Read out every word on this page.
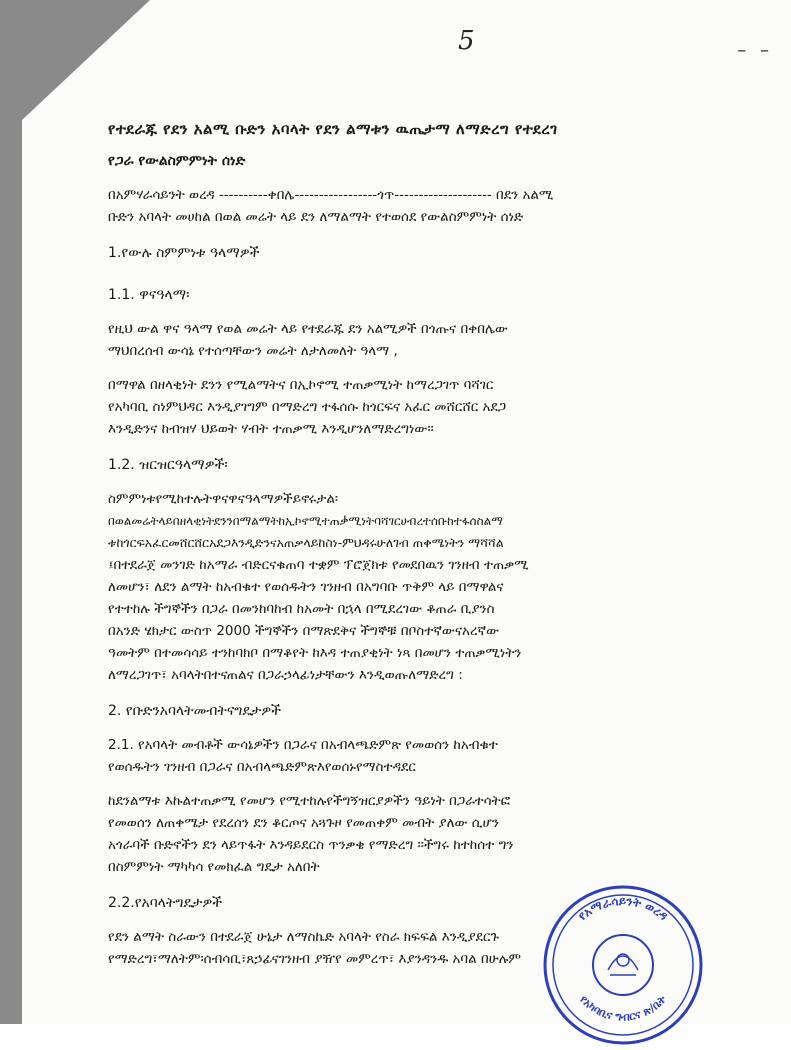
5	– –
የተደራጁ የደን አልሚ ቡድን አባላት የደን ልማቱን ዉጤታማ ለማድረግ የተደረገ
የጋራ የውልስምምነት ሰነድ
በአምሃራሳይንት ወረዳ ----------ቀበሌ-----------------ጎጥ-------------------- በደን አልሚ
ቡድን አባላት መሀከል በወል መሬት ላይ ደን ለማልማት የተወሰደ የውልስምምነት ሰነድ
1.የውሉ ስምምነቱ ዓላማዎች
1.1. ዋናዓላማ፡
የዚህ ውል ዋና ዓላማ የወል መሬት ላይ የተደራጁ ደን አልሚዎች በጎጡና በቀበሌው
ማህበረሰብ ውሳኔ የተሰጣቸውን መሬት ለታለመለት ዓላማ ,
በማዋል በዘላቂነት ደንን የሚልማትና በኢኮኖሚ ተጠቃሚነት ከማረጋገጥ ባሻገር
የአካባቢ ስነምህዳር እንዲያገግም በማድረግ ተፋሰሱ ከጎርፍና አፈር መሸርሸር አደጋ
እንዲድንና ከብዝሃ ህይወት ሃብት ተጠቃሚ እንዲሆንለማድረግነው፡፡
1.2. ዝርዝርዓላማዎች፡
ስምምነቱየሚከተሉትዋናዋናዓላማዎችይኖሩታል፡
በወልመሬትላይበዘላቂነትደንንበማልማትከኢኮኖሚተጠቃሚነትባሻገርሀብረተሰቡከተፋሰስልማ
ቱከጎርፍአፈርመሸርሸርአደጋእንዲድንናአጠቃላይከስነ-ምህዳሩሁለገብ ጠቀሜነትን ማሻሻል
፤በተደራጀ መንገድ ከአማራ ብድርናቁጠባ ተቋም ፕሮጀክቱ የመደበዉን ገንዘብ ተጠቃሚ
ለመሆን፣ ለደን ልማት ከአብቁተ የወሰዱትን ገንዘብ በአግባቡ ጥቅም ላይ በማዋልና
የተተከሉ ችግኞችን በጋራ በመንከባከብ ከአመት በኋላ በሚደረገው ቆጠራ ቢያንስ
በአንድ ሄክታር ውስጥ 2000 ችግኞችን በማጽደቅና ችግኞቹ በቦስተኛውናአረኛው
ዓመትም በተመሳሳይ ተንከባክቦ በማቆየት ከእዳ ተጠያቂነት ነጻ በመሆን ተጠቃሚነትን
ለማረጋገጥ፣ አባላትበተናጠልና በጋራኃላፊነታቸውን እንዲወጡለማድረግ :
2. የቡድንአባላትመብትናግዴታዎች
2.1. የአባላት መብቶች ውሳኔዎችን በጋራና በአብላጫድምጽ የመወሰን ከአብቁተ
የወሰዱትን ገንዘብ በጋራና በአብላጫድምጽእየወሰኑየማስተዳደር
ከደንልማቱ እኩልተጠቃሚ የመሆን የሚተከሉየችግኝዝርያዎችን ዓይነት በጋራተሳትፎ
የመወሰን ለጠቀሜታ የደረሰን ደን ቆርጦና አጓጉዞ የመጠቀም መብት ያለው ሲሆን
አጎራባች ቡድኖችን ደን ላይጥፋት እንዳይደርስ ጥንቃቄ የማድረግ ፡፡ችግሩ ከተከሰተ ግን
በስምምነት ማካካሳ የመክፈል ግዴታ አለበት
2.2.የአባላትግዴታዎች
የደን ልማት ስራውን በተደራጀ ሁኔታ ለማስኬድ አባላት የስራ ክፍፍል እንዲያደርጉ
የማድረግ፣ማለትም፡ሰብሳቢ፣ጸኃፊናገንዘብ ያዥየ መምረጥ፣ እያንዳንዱ አባል በሁሉም
የአማራሳይንት ወረዳ
የአካባቢና ግብርና ጽ/ቤት
